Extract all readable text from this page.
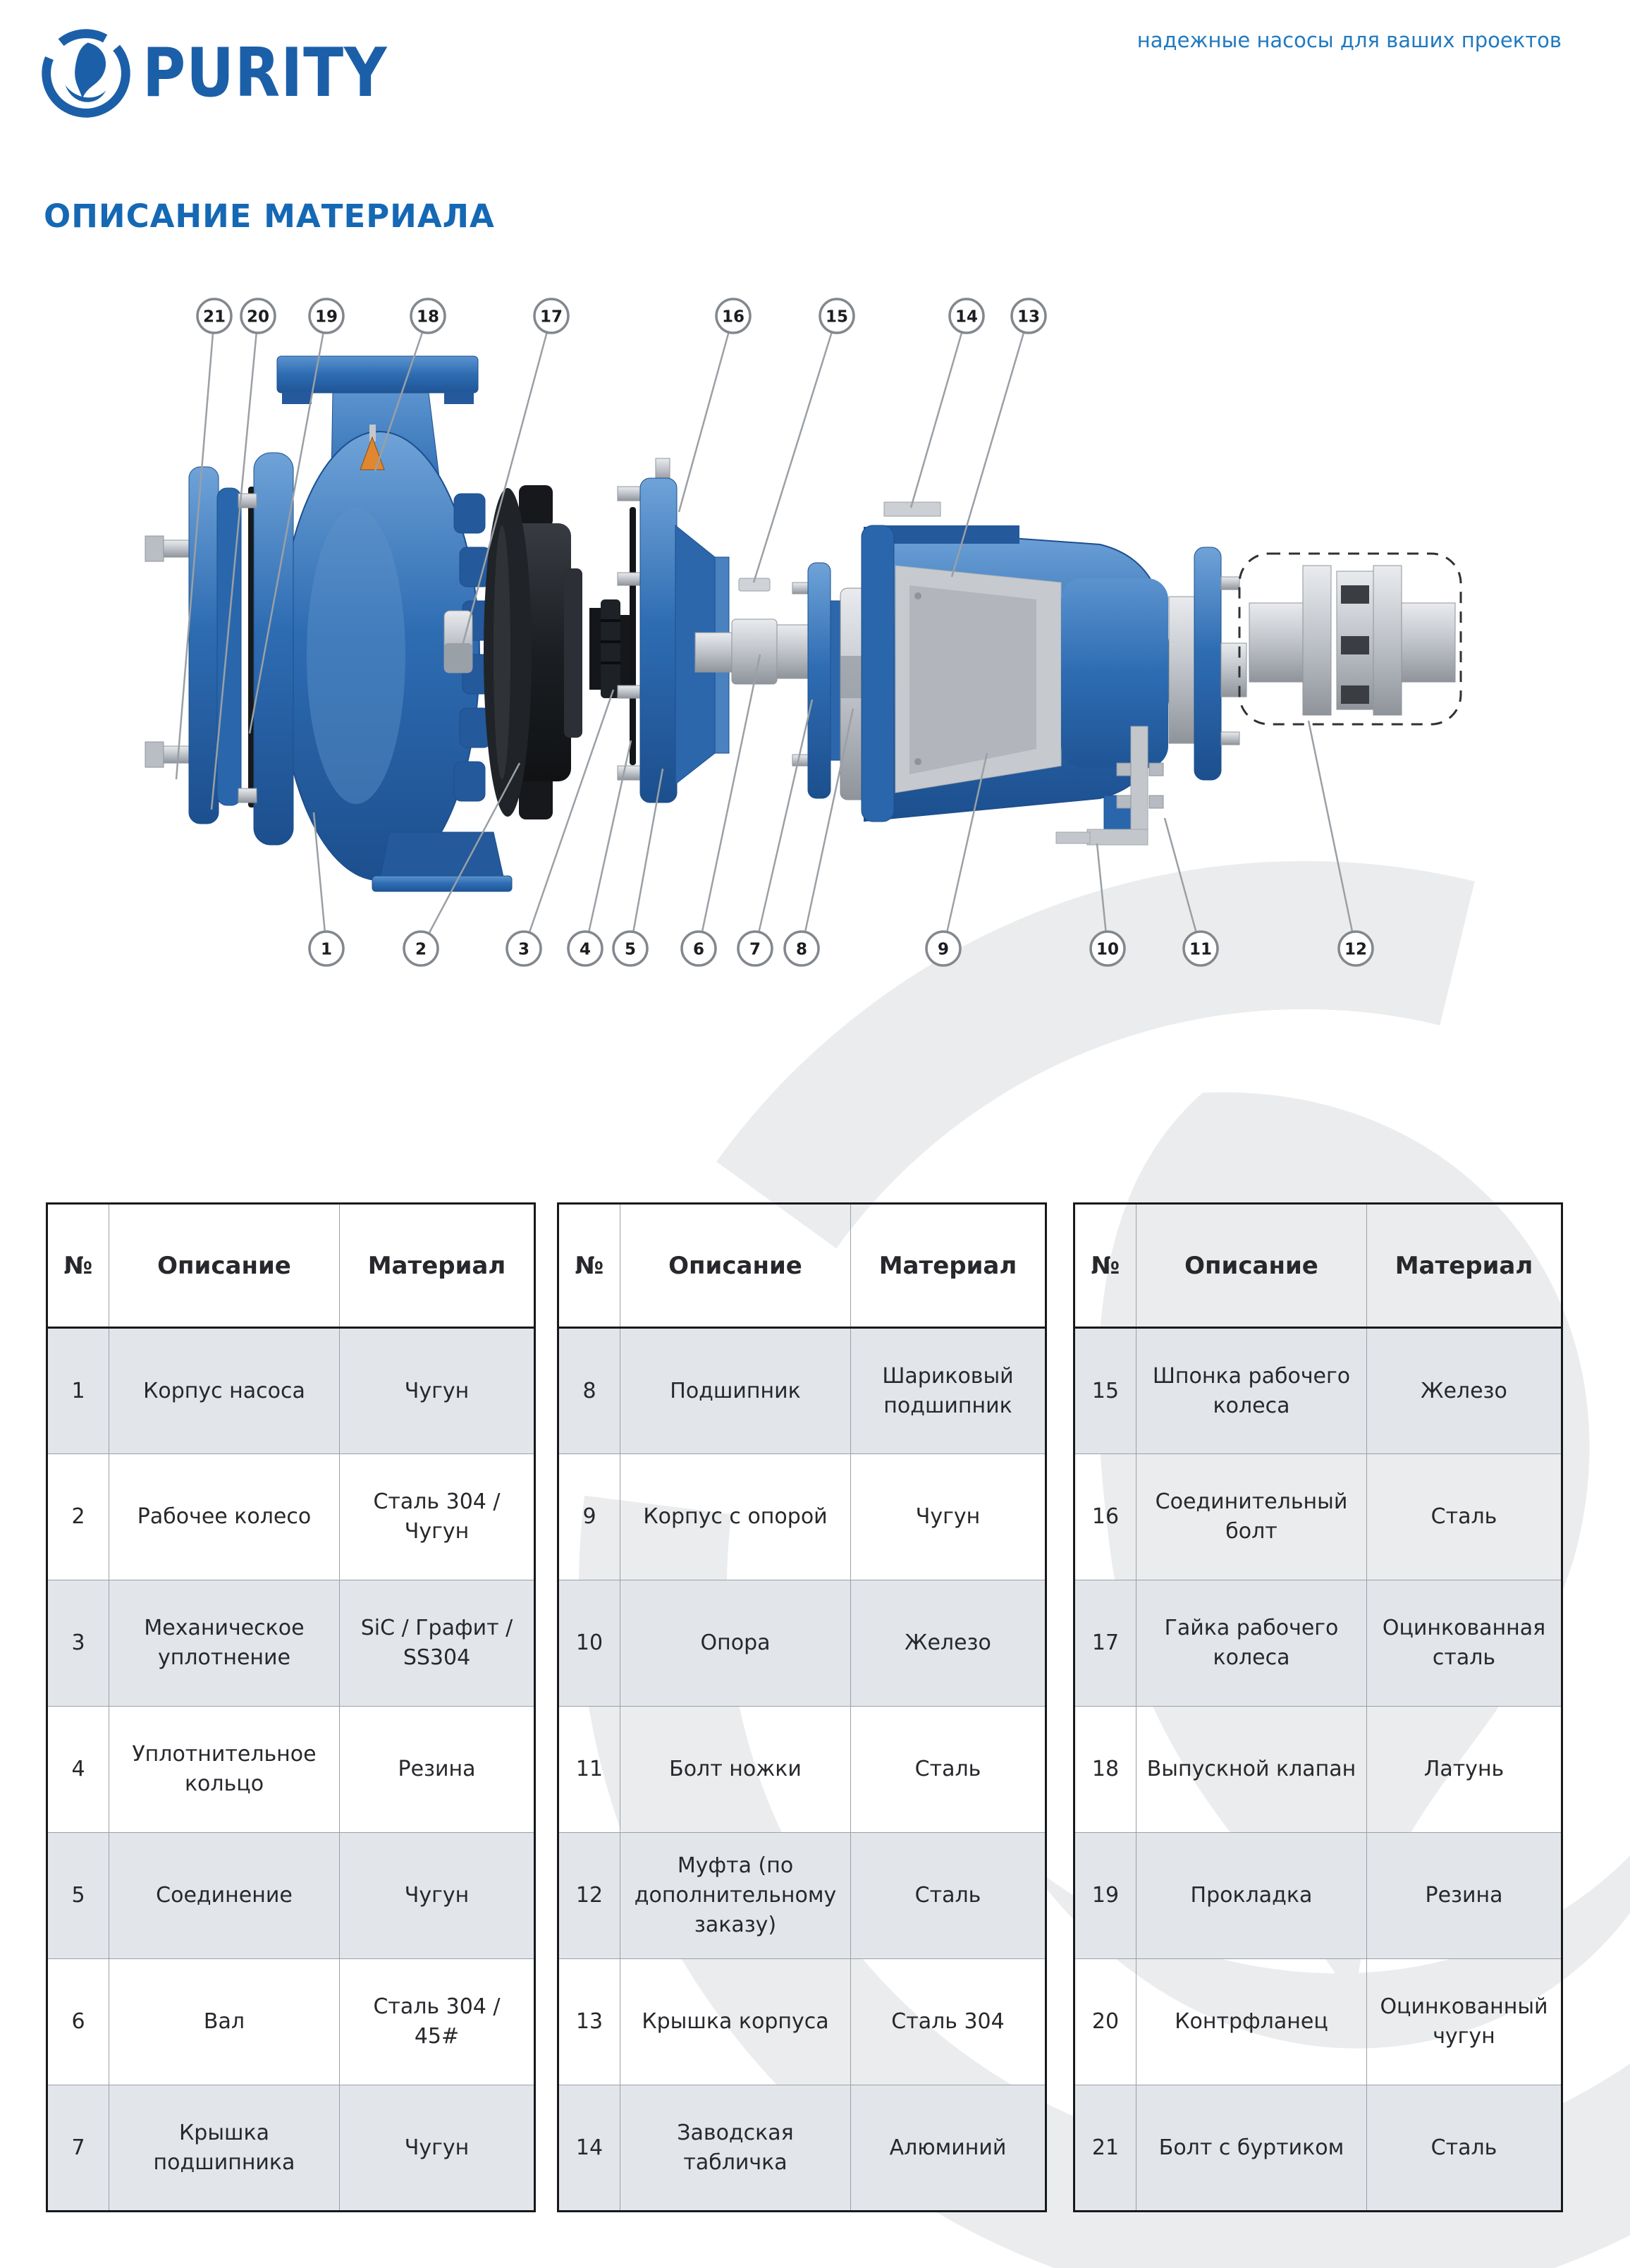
PURITY	надежные насосы для ваших проектов
ОПИСАНИЕ МАТЕРИАЛА
21 20	19	18	17	16	15	14 13
1	2	3	4 5	6	7 8	9	10	11	12
№	Описание	Материал
1	Корпус насоса	Чугун
2	Рабочее колесо	Сталь 304 / Чугун
3	Механическое уплотнение	SiC / Графит / SS304
4	Уплотнительное кольцо	Резина
5	Соединение	Чугун
6	Вал	Сталь 304 / 45#
7	Крышка подшипника	Чугун
№	Описание	Материал
8	Подшипник	Шариковый подшипник
9	Корпус с опорой	Чугун
10	Опора	Железо
11	Болт ножки	Сталь
12	Муфта (по дополнительному заказу)	Сталь
13	Крышка корпуса	Сталь 304
14	Заводская табличка	Алюминий
№	Описание	Материал
15	Шпонка рабочего колеса	Железо
16	Соединительный болт	Сталь
17	Гайка рабочего колеса	Оцинкованная сталь
18	Выпускной клапан	Латунь
19	Прокладка	Резина
20	Контрфланец	Оцинкованный чугун
21	Болт с буртиком	Сталь
